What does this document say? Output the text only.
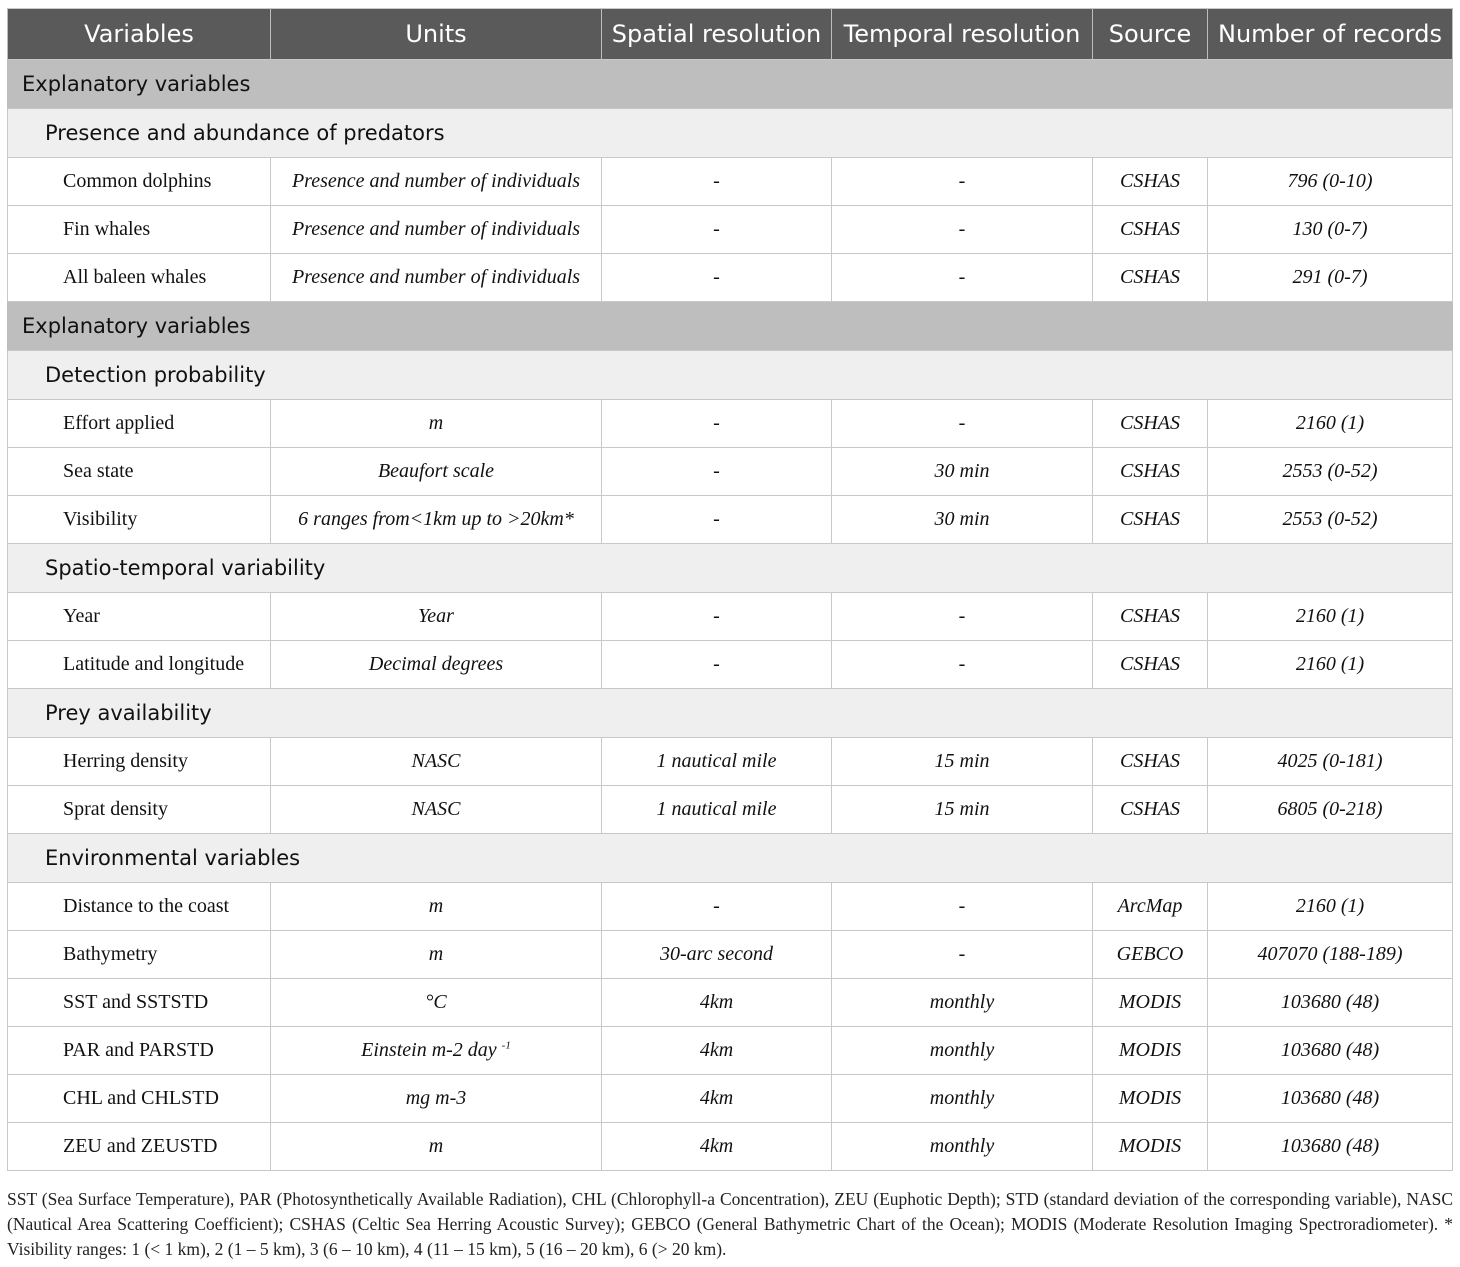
Variables	Units	Spatial resolution	Temporal resolution	Source	Number of records
Explanatory variables					
Presence and abundance of predators					
Common dolphins	Presence and number of individuals	-	-	CSHAS	796 (0-10)
Fin whales	Presence and number of individuals	-	-	CSHAS	130 (0-7)
All baleen whales	Presence and number of individuals	-	-	CSHAS	291 (0-7)
Explanatory variables					
Detection probability					
Effort applied	m	-	-	CSHAS	2160 (1)
Sea state	Beaufort scale	-	30 min	CSHAS	2553 (0-52)
Visibility	6 ranges from<1km up to >20km*	-	30 min	CSHAS	2553 (0-52)
Spatio-temporal variability					
Year	Year	-	-	CSHAS	2160 (1)
Latitude and longitude	Decimal degrees	-	-	CSHAS	2160 (1)
Prey availability					
Herring density	NASC	1 nautical mile	15 min	CSHAS	4025 (0-181)
Sprat density	NASC	1 nautical mile	15 min	CSHAS	6805 (0-218)
Environmental variables					
Distance to the coast	m	-	-	ArcMap	2160 (1)
Bathymetry	m	30-arc second	-	GEBCO	407070 (188-189)
SST and SSTSTD	°C	4km	monthly	MODIS	103680 (48)
PAR and PARSTD	Einstein m-2 day $^{-1}$	4km	monthly	MODIS	103680 (48)
CHL and CHLSTD	mg m-3	4km	monthly	MODIS	103680 (48)
ZEU and ZEUSTD	m	4km	monthly	MODIS	103680 (48)
SST (Sea Surface Temperature), PAR (Photosynthetically Available Radiation), CHL (Chlorophyll-a Concentration), ZEU (Euphotic Depth); STD (standard deviation of the corresponding variable), NASC (Nautical Area Scattering Coefficient); CSHAS (Celtic Sea Herring Acoustic Survey); GEBCO (General Bathymetric Chart of the Ocean); MODIS (Moderate Resolution Imaging Spectroradiometer). * Visibility ranges: 1 (< 1 km), 2 (1 – 5 km), 3 (6 – 10 km), 4 (11 – 15 km), 5 (16 – 20 km), 6 (> 20 km).
